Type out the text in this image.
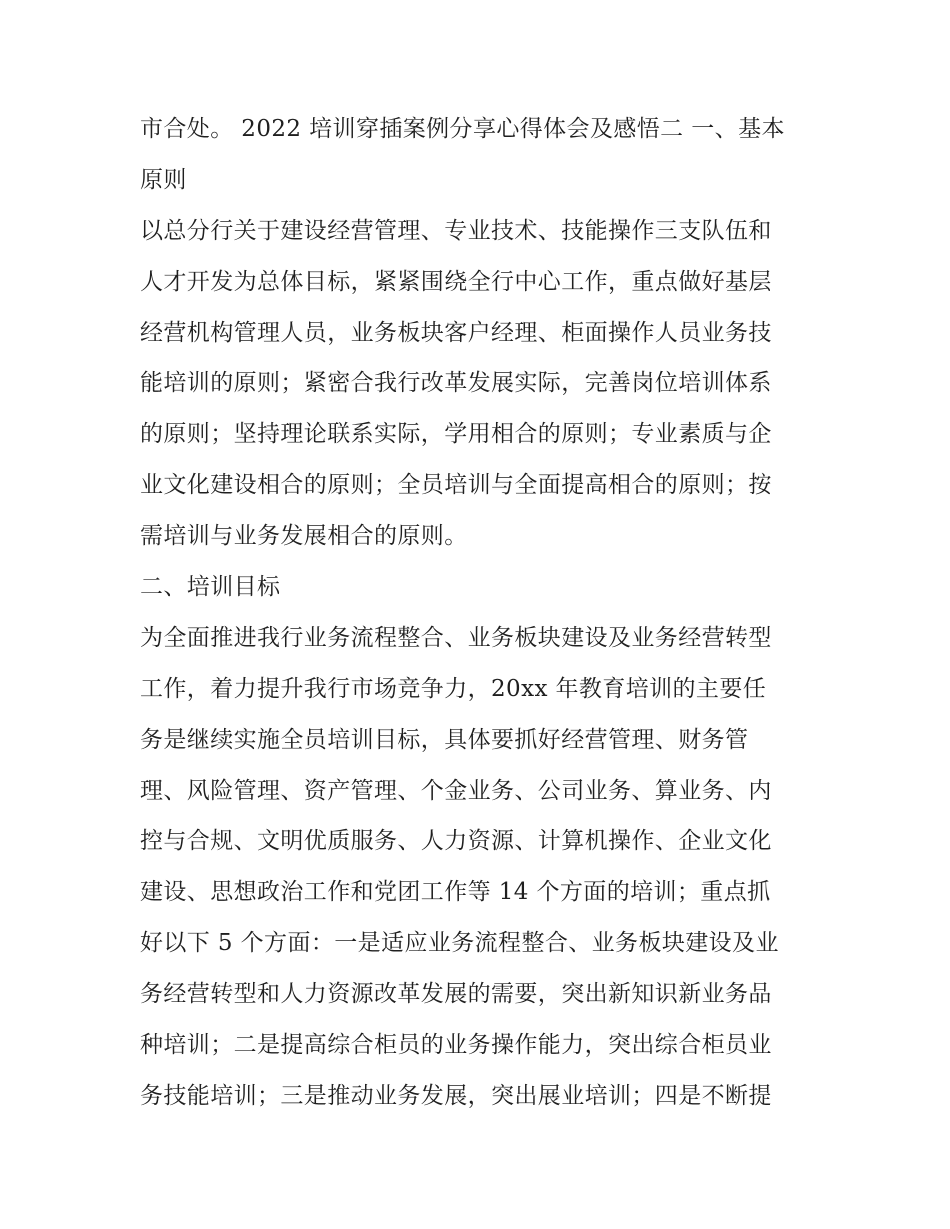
市合处。 2022 培训穿插案例分享心得体会及感悟二 一、基本
原则
以总分行关于建设经营管理、专业技术、技能操作三支队伍和
人才开发为总体目标，紧紧围绕全行中心工作，重点做好基层
经营机构管理人员，业务板块客户经理、柜面操作人员业务技
能培训的原则；紧密合我行改革发展实际，完善岗位培训体系
的原则；坚持理论联系实际，学用相合的原则；专业素质与企
业文化建设相合的原则；全员培训与全面提高相合的原则；按
需培训与业务发展相合的原则。
二、培训目标
为全面推进我行业务流程整合、业务板块建设及业务经营转型
工作，着力提升我行市场竞争力，20xx 年教育培训的主要任
务是继续实施全员培训目标，具体要抓好经营管理、财务管
理、风险管理、资产管理、个金业务、公司业务、算业务、内
控与合规、文明优质服务、人力资源、计算机操作、企业文化
建设、思想政治工作和党团工作等 14 个方面的培训；重点抓
好以下 5 个方面：一是适应业务流程整合、业务板块建设及业
务经营转型和人力资源改革发展的需要，突出新知识新业务品
种培训；二是提高综合柜员的业务操作能力，突出综合柜员业
务技能培训；三是推动业务发展，突出展业培训；四是不断提
